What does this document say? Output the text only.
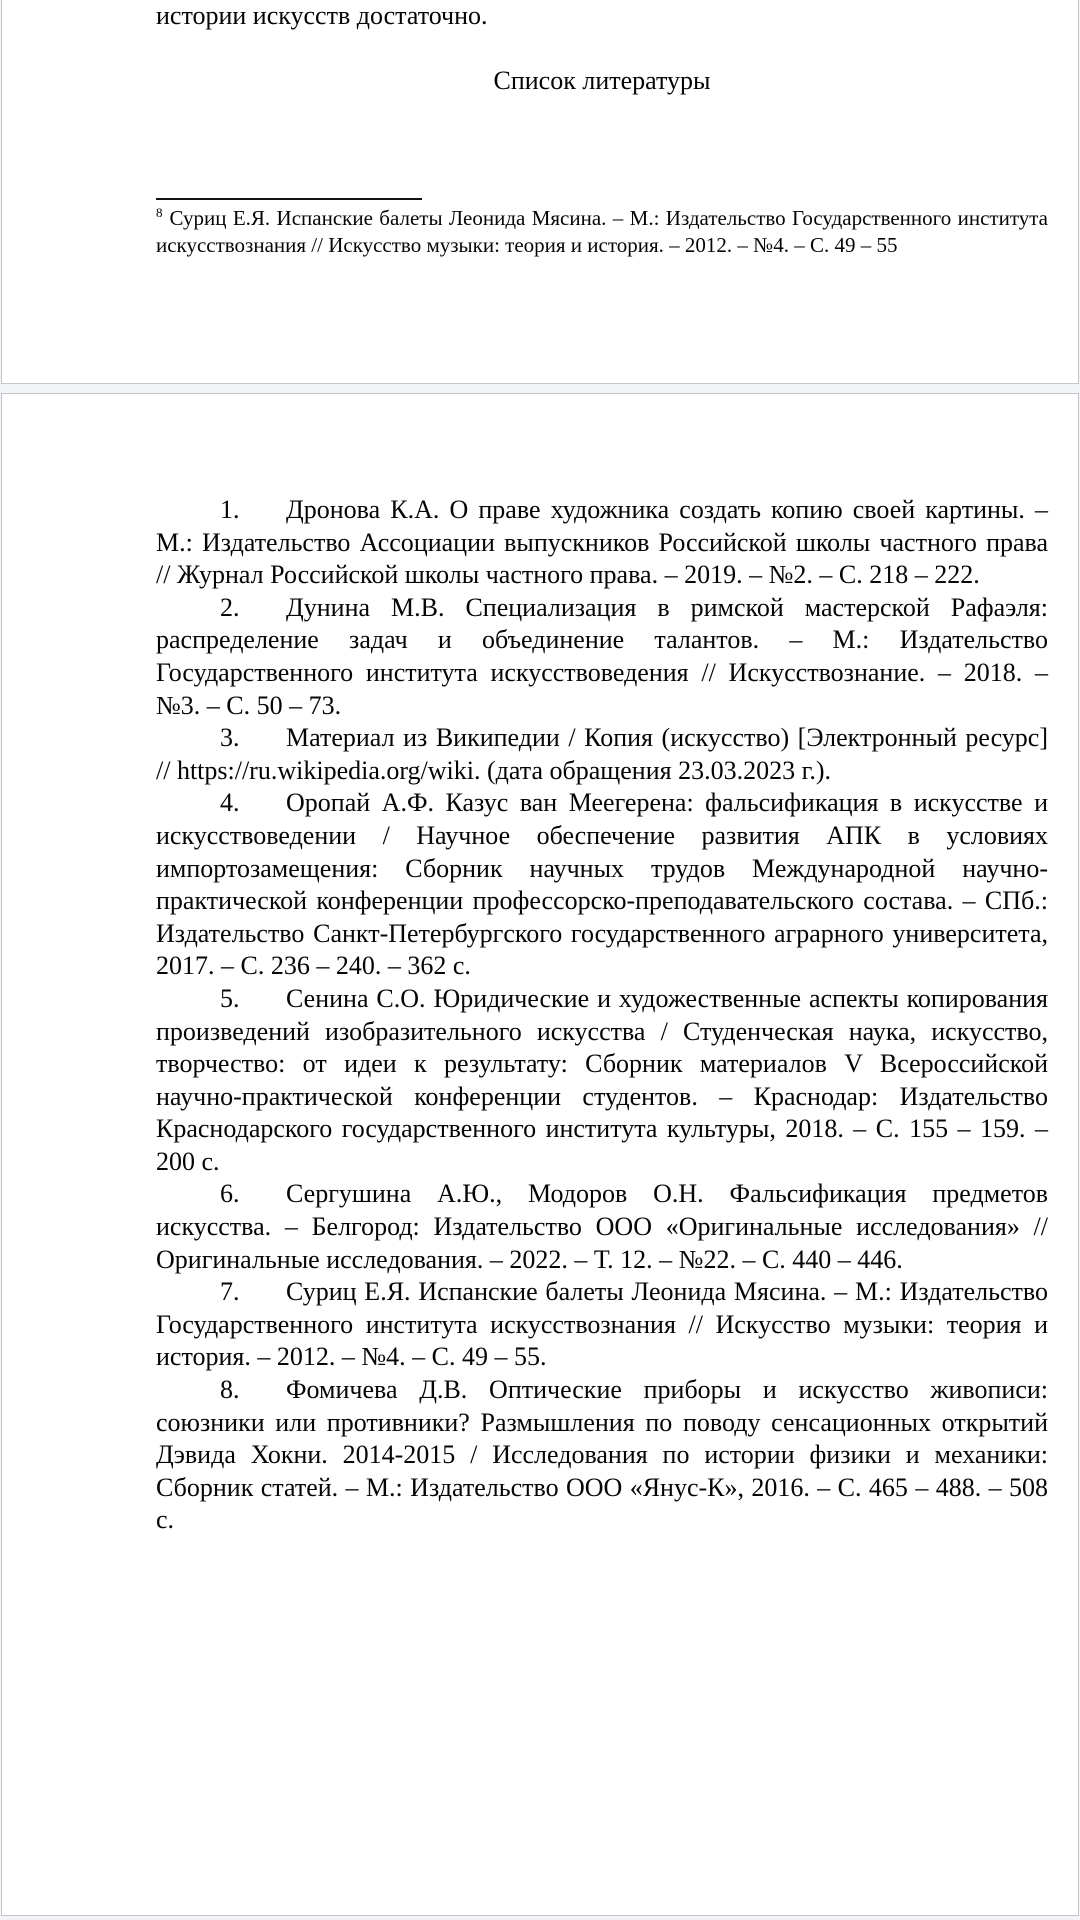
истории искусств достаточно.

Список литературы

$^8$ Суриц Е.Я. Испанские балеты Леонида Мясина. – М.: Издательство Государственного института искусствознания // Искусство музыки: теория и история. – 2012. – №4. – С. 49 – 55

1. Дронова К.А. О праве художника создать копию своей картины. – М.: Издательство Ассоциации выпускников Российской школы частного права // Журнал Российской школы частного права. – 2019. – №2. – С. 218 – 222.

2. Дунина М.В. Специализация в римской мастерской Рафаэля: распределение задач и объединение талантов. – М.: Издательство Государственного института искусствоведения // Искусствознание. – 2018. – №3. – С. 50 – 73.

3. Материал из Википедии / Копия (искусство) [Электронный ресурс] // https://ru.wikipedia.org/wiki. (дата обращения 23.03.2023 г.).

4. Оропай А.Ф. Казус ван Меегерена: фальсификация в искусстве и искусствоведении / Научное обеспечение развития АПК в условиях импортозамещения: Сборник научных трудов Международной научно-практической конференции профессорско-преподавательского состава. – СПб.: Издательство Санкт-Петербургского государственного аграрного университета, 2017. – С. 236 – 240. – 362 с.

5. Сенина С.О. Юридические и художественные аспекты копирования произведений изобразительного искусства / Студенческая наука, искусство, творчество: от идеи к результату: Сборник материалов V Всероссийской научно-практической конференции студентов. – Краснодар: Издательство Краснодарского государственного института культуры, 2018. – С. 155 – 159. – 200 с.

6. Сергушина А.Ю., Модоров О.Н. Фальсификация предметов искусства. – Белгород: Издательство ООО «Оригинальные исследования» // Оригинальные исследования. – 2022. – Т. 12. – №22. – С. 440 – 446.

7. Суриц Е.Я. Испанские балеты Леонида Мясина. – М.: Издательство Государственного института искусствознания // Искусство музыки: теория и история. – 2012. – №4. – С. 49 – 55.

8. Фомичева Д.В. Оптические приборы и искусство живописи: союзники или противники? Размышления по поводу сенсационных открытий Дэвида Хокни. 2014-2015 / Исследования по истории физики и механики: Сборник статей. – М.: Издательство ООО «Янус-К», 2016. – С. 465 – 488. – 508 с.
